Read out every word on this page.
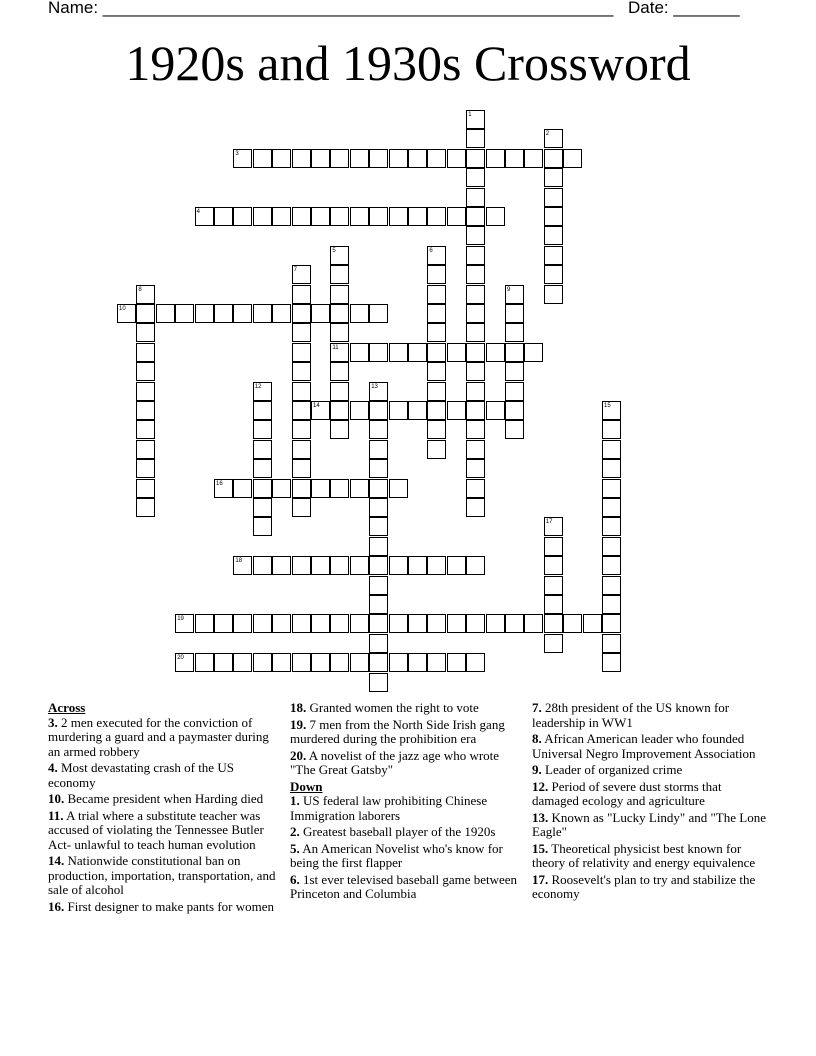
Name: ______________________________________________________ Date: _______
1920s and 1930s Crossword
1
2
3
4
5
11
6
7
8	9
10
12	13
14	15
16
17
18
19
20
Across
3. 2 men executed for the conviction of murdering a guard and a paymaster during an armed robbery
4. Most devastating crash of the US economy
10. Became president when Harding died
11. A trial where a substitute teacher was accused of violating the Tennessee Butler Act- unlawful to teach human evolution
14. Nationwide constitutional ban on production, importation, transportation, and sale of alcohol
16. First designer to make pants for women
18. Granted women the right to vote
19. 7 men from the North Side Irish gang murdered during the prohibition era
20. A novelist of the jazz age who wrote "The Great Gatsby"
Down
1. US federal law prohibiting Chinese Immigration laborers
2. Greatest baseball player of the 1920s
5. An American Novelist who's know for being the first flapper
6. 1st ever televised baseball game between Princeton and Columbia
7. 28th president of the US known for leadership in WW1
8. African American leader who founded Universal Negro Improvement Association
9. Leader of organized crime
12. Period of severe dust storms that damaged ecology and agriculture
13. Known as "Lucky Lindy" and "The Lone Eagle"
15. Theoretical physicist best known for theory of relativity and energy equivalence
17. Roosevelt's plan to try and stabilize the economy
